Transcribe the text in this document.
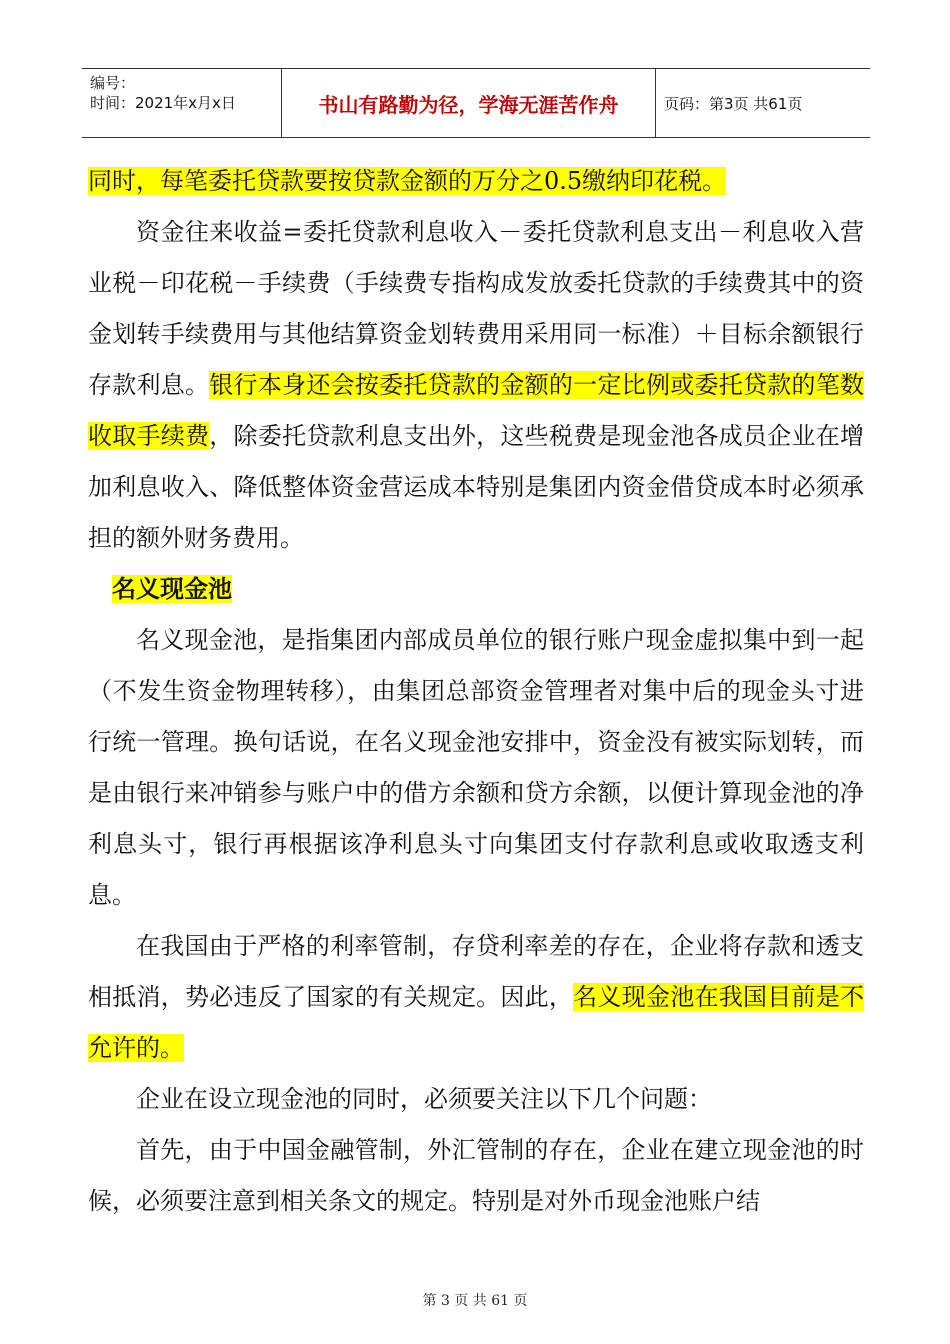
编号：
时间：2021年x月x日	书山有路勤为径，学海无涯苦作舟	页码：第3页 共61页

同时，每笔委托贷款要按贷款金额的万分之0.5缴纳印花税。

资金往来收益=委托贷款利息收入－委托贷款利息支出－利息收入营业税－印花税－手续费（手续费专指构成发放委托贷款的手续费其中的资金划转手续费用与其他结算资金划转费用采用同一标准）＋目标余额银行存款利息。银行本身还会按委托贷款的金额的一定比例或委托贷款的笔数收取手续费，除委托贷款利息支出外，这些税费是现金池各成员企业在增加利息收入、降低整体资金营运成本特别是集团内资金借贷成本时必须承担的额外财务费用。

名义现金池

名义现金池，是指集团内部成员单位的银行账户现金虚拟集中到一起（不发生资金物理转移），由集团总部资金管理者对集中后的现金头寸进行统一管理。换句话说，在名义现金池安排中，资金没有被实际划转，而是由银行来冲销参与账户中的借方余额和贷方余额，以便计算现金池的净利息头寸，银行再根据该净利息头寸向集团支付存款利息或收取透支利息。

在我国由于严格的利率管制，存贷利率差的存在，企业将存款和透支相抵消，势必违反了国家的有关规定。因此，名义现金池在我国目前是不允许的。

企业在设立现金池的同时，必须要关注以下几个问题：

首先，由于中国金融管制，外汇管制的存在，企业在建立现金池的时候，必须要注意到相关条文的规定。特别是对外币现金池账户结

第 3 页 共 61 页
